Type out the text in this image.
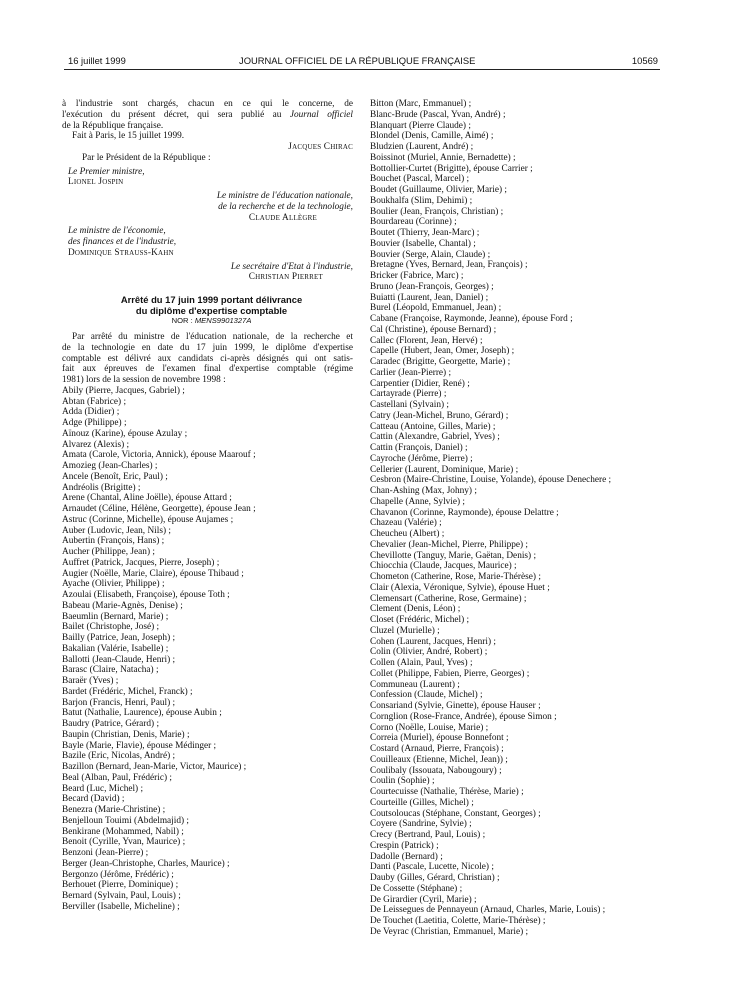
16 juillet 1999	JOURNAL OFFICIEL DE LA RÉPUBLIQUE FRANÇAISE	10569
à l'industrie sont chargés, chacun en ce qui le concerne, de
l'exécution du présent décret, qui sera publié au Journal officiel
de la République française.
Fait à Paris, le 15 juillet 1999.
Jacques Chirac
Par le Président de la République :
Le Premier ministre,
Lionel Jospin
Le ministre de l'éducation nationale,
de la recherche et de la technologie,
Claude Allègre
Le ministre de l'économie,
des finances et de l'industrie,
Dominique Strauss-Kahn
Le secrétaire d'Etat à l'industrie,
Christian Pierret
Arrêté du 17 juin 1999 portant délivrance
du diplôme d'expertise comptable
NOR : MENS9901327A
Par arrêté du ministre de l'éducation nationale, de la recherche et
de la technologie en date du 17 juin 1999, le diplôme d'expertise
comptable est délivré aux candidats ci-après désignés qui ont satis-
fait aux épreuves de l'examen final d'expertise comptable (régime
1981) lors de la session de novembre 1998 :
Abily (Pierre, Jacques, Gabriel) ;
Abtan (Fabrice) ;
Adda (Didier) ;
Adge (Philippe) ;
Aïnouz (Karine), épouse Azulay ;
Alvarez (Alexis) ;
Amata (Carole, Victoria, Annick), épouse Maarouf ;
Amozieg (Jean-Charles) ;
Ancele (Benoît, Eric, Paul) ;
Andréolis (Brigitte) ;
Arene (Chantal, Aline Joëlle), épouse Attard ;
Arnaudet (Céline, Hélène, Georgette), épouse Jean ;
Astruc (Corinne, Michelle), épouse Aujames ;
Auber (Ludovic, Jean, Nils) ;
Aubertin (François, Hans) ;
Aucher (Philippe, Jean) ;
Auffret (Patrick, Jacques, Pierre, Joseph) ;
Augier (Noëlle, Marie, Claire), épouse Thibaud ;
Ayache (Olivier, Philippe) ;
Azoulai (Elisabeth, Françoise), épouse Toth ;
Babeau (Marie-Agnès, Denise) ;
Baeumlin (Bernard, Marie) ;
Bailet (Christophe, José) ;
Bailly (Patrice, Jean, Joseph) ;
Bakalian (Valérie, Isabelle) ;
Ballotti (Jean-Claude, Henri) ;
Barasc (Claire, Natacha) ;
Baraër (Yves) ;
Bardet (Frédéric, Michel, Franck) ;
Barjon (Francis, Henri, Paul) ;
Batut (Nathalie, Laurence), épouse Aubin ;
Baudry (Patrice, Gérard) ;
Baupin (Christian, Denis, Marie) ;
Bayle (Marie, Flavie), épouse Médinger ;
Bazile (Eric, Nicolas, André) ;
Bazillon (Bernard, Jean-Marie, Victor, Maurice) ;
Beal (Alban, Paul, Frédéric) ;
Beard (Luc, Michel) ;
Becard (David) ;
Benezra (Marie-Christine) ;
Benjelloun Touimi (Abdelmajid) ;
Benkirane (Mohammed, Nabil) ;
Benoit (Cyrille, Yvan, Maurice) ;
Benzoni (Jean-Pierre) ;
Berger (Jean-Christophe, Charles, Maurice) ;
Bergonzo (Jérôme, Frédéric) ;
Berhouet (Pierre, Dominique) ;
Bernard (Sylvain, Paul, Louis) ;
Berviller (Isabelle, Micheline) ;
Bitton (Marc, Emmanuel) ;
Blanc-Brude (Pascal, Yvan, André) ;
Blanquart (Pierre Claude) ;
Blondel (Denis, Camille, Aimé) ;
Bludzien (Laurent, André) ;
Boissinot (Muriel, Annie, Bernadette) ;
Bottollier-Curtet (Brigitte), épouse Carrier ;
Bouchet (Pascal, Marcel) ;
Boudet (Guillaume, Olivier, Marie) ;
Boukhalfa (Slim, Dehimi) ;
Boulier (Jean, François, Christian) ;
Bourdareau (Corinne) ;
Boutet (Thierry, Jean-Marc) ;
Bouvier (Isabelle, Chantal) ;
Bouvier (Serge, Alain, Claude) ;
Bretagne (Yves, Bernard, Jean, François) ;
Bricker (Fabrice, Marc) ;
Bruno (Jean-François, Georges) ;
Buiatti (Laurent, Jean, Daniel) ;
Burel (Léopold, Emmanuel, Jean) ;
Cabane (Françoise, Raymonde, Jeanne), épouse Ford ;
Cal (Christine), épouse Bernard) ;
Callec (Florent, Jean, Hervé) ;
Capelle (Hubert, Jean, Omer, Joseph) ;
Caradec (Brigitte, Georgette, Marie) ;
Carlier (Jean-Pierre) ;
Carpentier (Didier, René) ;
Cartayrade (Pierre) ;
Castellani (Sylvain) ;
Catry (Jean-Michel, Bruno, Gérard) ;
Catteau (Antoine, Gilles, Marie) ;
Cattin (Alexandre, Gabriel, Yves) ;
Cattin (François, Daniel) ;
Cayroche (Jérôme, Pierre) ;
Cellerier (Laurent, Dominique, Marie) ;
Cesbron (Maire-Christine, Louise, Yolande), épouse Denechere ;
Chan-Ashing (Max, Johny) ;
Chapelle (Anne, Sylvie) ;
Chavanon (Corinne, Raymonde), épouse Delattre ;
Chazeau (Valérie) ;
Cheucheu (Albert) ;
Chevalier (Jean-Michel, Pierre, Philippe) ;
Chevillotte (Tanguy, Marie, Gaëtan, Denis) ;
Chiocchia (Claude, Jacques, Maurice) ;
Chometon (Catherine, Rose, Marie-Thérèse) ;
Clair (Alexia, Véronique, Sylvie), épouse Huet ;
Clemensart (Catherine, Rose, Germaine) ;
Clement (Denis, Léon) ;
Closet (Frédéric, Michel) ;
Cluzel (Murielle) ;
Cohen (Laurent, Jacques, Henri) ;
Colin (Olivier, André, Robert) ;
Collen (Alain, Paul, Yves) ;
Collet (Philippe, Fabien, Pierre, Georges) ;
Communeau (Laurent) ;
Confession (Claude, Michel) ;
Consariand (Sylvie, Ginette), épouse Hauser ;
Cornglion (Rose-France, Andrée), épouse Simon ;
Corno (Noëlle, Louise, Marie) ;
Correia (Muriel), épouse Bonnefont ;
Costard (Arnaud, Pierre, François) ;
Couilleaux (Etienne, Michel, Jean)) ;
Coulibaly (Issouata, Nabougoury) ;
Coulin (Sophie) ;
Courtecuisse (Nathalie, Thérèse, Marie) ;
Courteille (Gilles, Michel) ;
Coutsoloucas (Stéphane, Constant, Georges) ;
Coyere (Sandrine, Sylvie) ;
Crecy (Bertrand, Paul, Louis) ;
Crespin (Patrick) ;
Dadolle (Bernard) ;
Danti (Pascale, Lucette, Nicole) ;
Dauby (Gilles, Gérard, Christian) ;
De Cossette (Stéphane) ;
De Girardier (Cyril, Marie) ;
De Leissegues de Pennayeun (Arnaud, Charles, Marie, Louis) ;
De Touchet (Laetitia, Colette, Marie-Thérèse) ;
De Veyrac (Christian, Emmanuel, Marie) ;
